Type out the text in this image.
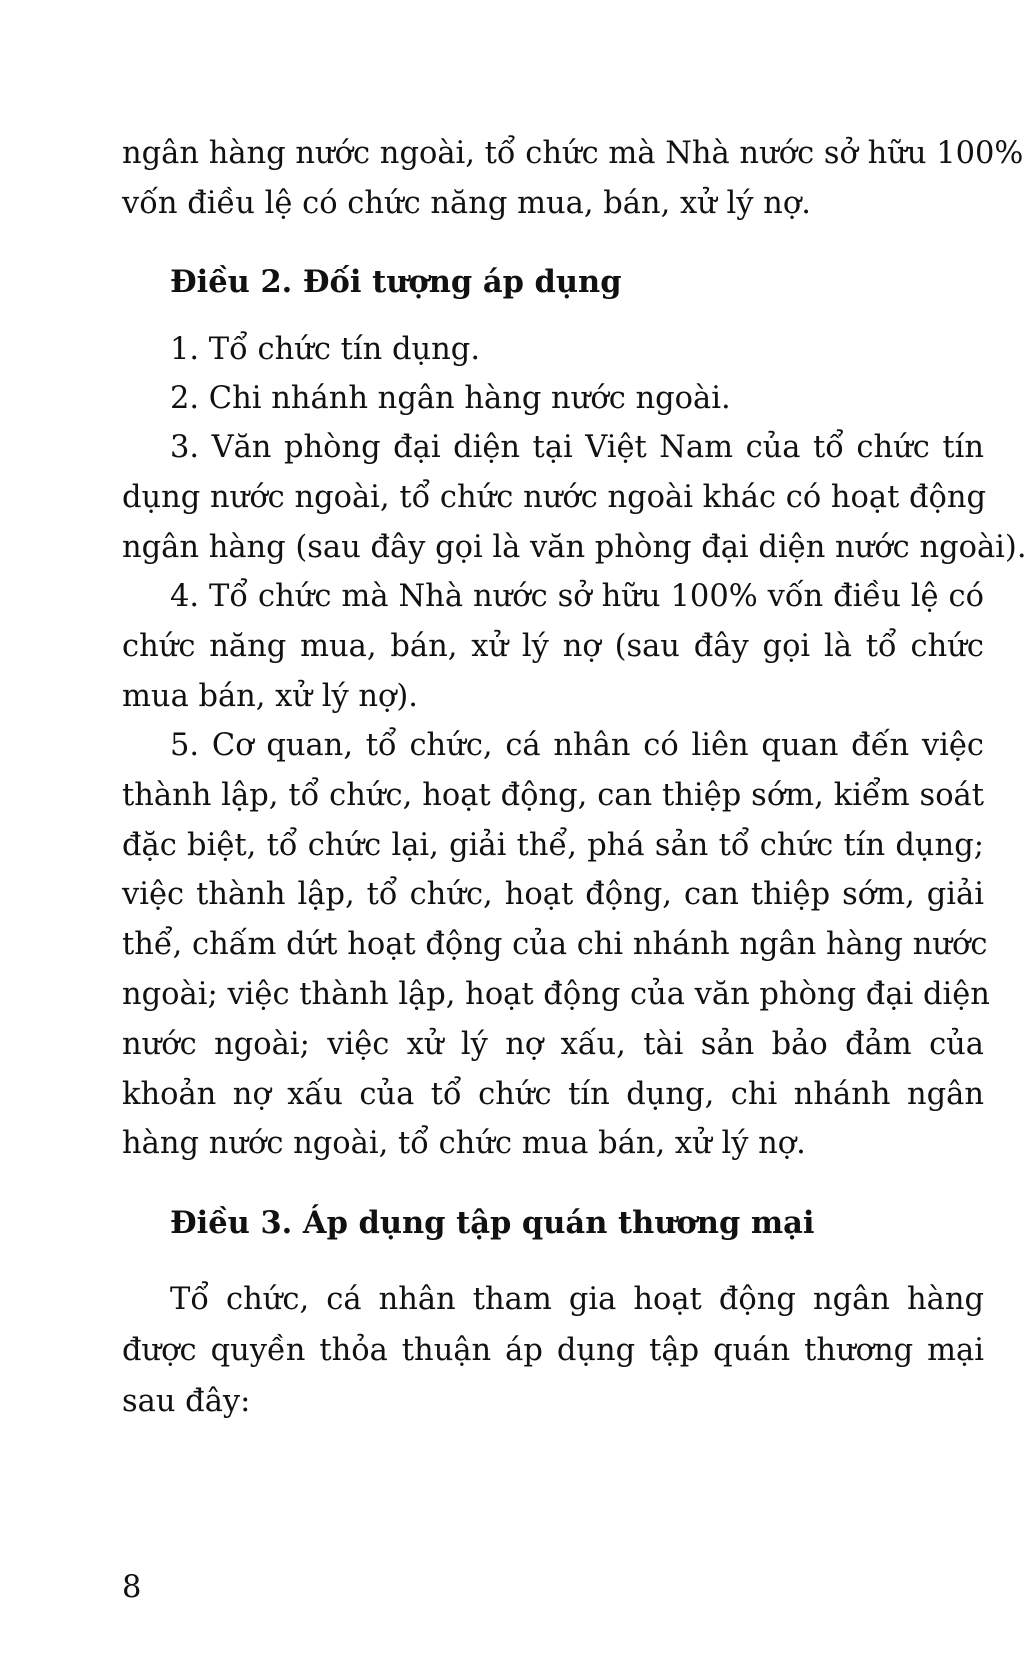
ngân hàng nước ngoài, tổ chức mà Nhà nước sở hữu 100%
vốn điều lệ có chức năng mua, bán, xử lý nợ.
Điều 2. Đối tượng áp dụng
1. Tổ chức tín dụng.
2. Chi nhánh ngân hàng nước ngoài.
3. Văn phòng đại diện tại Việt Nam của tổ chức tín
dụng nước ngoài, tổ chức nước ngoài khác có hoạt động
ngân hàng (sau đây gọi là văn phòng đại diện nước ngoài).
4. Tổ chức mà Nhà nước sở hữu 100% vốn điều lệ có
chức năng mua, bán, xử lý nợ (sau đây gọi là tổ chức
mua bán, xử lý nợ).
5. Cơ quan, tổ chức, cá nhân có liên quan đến việc
thành lập, tổ chức, hoạt động, can thiệp sớm, kiểm soát
đặc biệt, tổ chức lại, giải thể, phá sản tổ chức tín dụng;
việc thành lập, tổ chức, hoạt động, can thiệp sớm, giải
thể, chấm dứt hoạt động của chi nhánh ngân hàng nước
ngoài; việc thành lập, hoạt động của văn phòng đại diện
nước ngoài; việc xử lý nợ xấu, tài sản bảo đảm của
khoản nợ xấu của tổ chức tín dụng, chi nhánh ngân
hàng nước ngoài, tổ chức mua bán, xử lý nợ.
Điều 3. Áp dụng tập quán thương mại
Tổ chức, cá nhân tham gia hoạt động ngân hàng
được quyền thỏa thuận áp dụng tập quán thương mại
sau đây:
8
